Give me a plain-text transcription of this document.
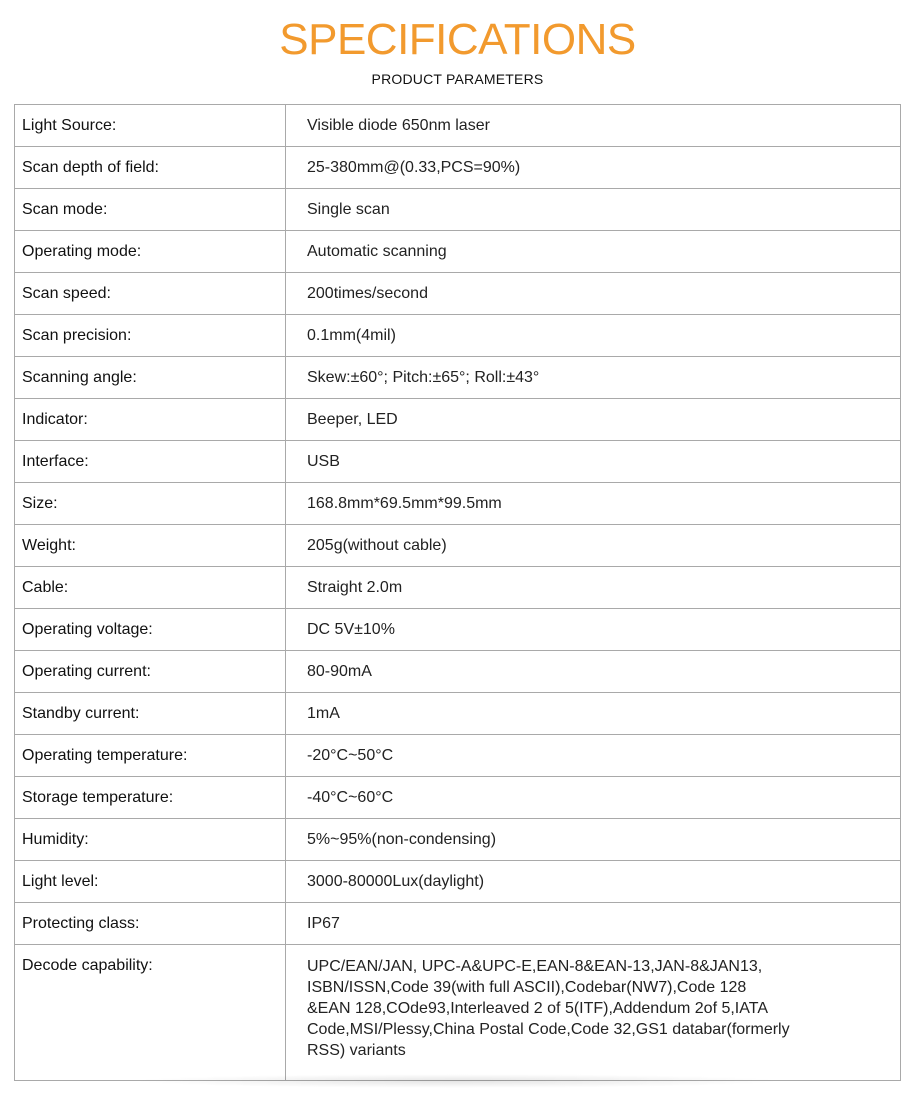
SPECIFICATIONS
PRODUCT PARAMETERS
Light Source:	Visible diode 650nm laser
Scan depth of field:	25-380mm@(0.33,PCS=90%)
Scan mode:	Single scan
Operating mode:	Automatic scanning
Scan speed:	200times/second
Scan precision:	0.1mm(4mil)
Scanning angle:	Skew:±60°; Pitch:±65°; Roll:±43°
Indicator:	Beeper, LED
Interface:	USB
Size:	168.8mm*69.5mm*99.5mm
Weight:	205g(without cable)
Cable:	Straight 2.0m
Operating voltage:	DC 5V±10%
Operating current:	80-90mA
Standby current:	1mA
Operating temperature:	-20°C~50°C
Storage temperature:	-40°C~60°C
Humidity:	5%~95%(non-condensing)
Light level:	3000-80000Lux(daylight)
Protecting class:	IP67
Decode capability:	UPC/EAN/JAN, UPC-A&UPC-E,EAN-8&EAN-13,JAN-8&JAN13,
ISBN/ISSN,Code 39(with full ASCII),Codebar(NW7),Code 128
&EAN 128,COde93,Interleaved 2 of 5(ITF),Addendum 2of 5,IATA
Code,MSI/Plessy,China Postal Code,Code 32,GS1 databar(formerly
RSS) variants
